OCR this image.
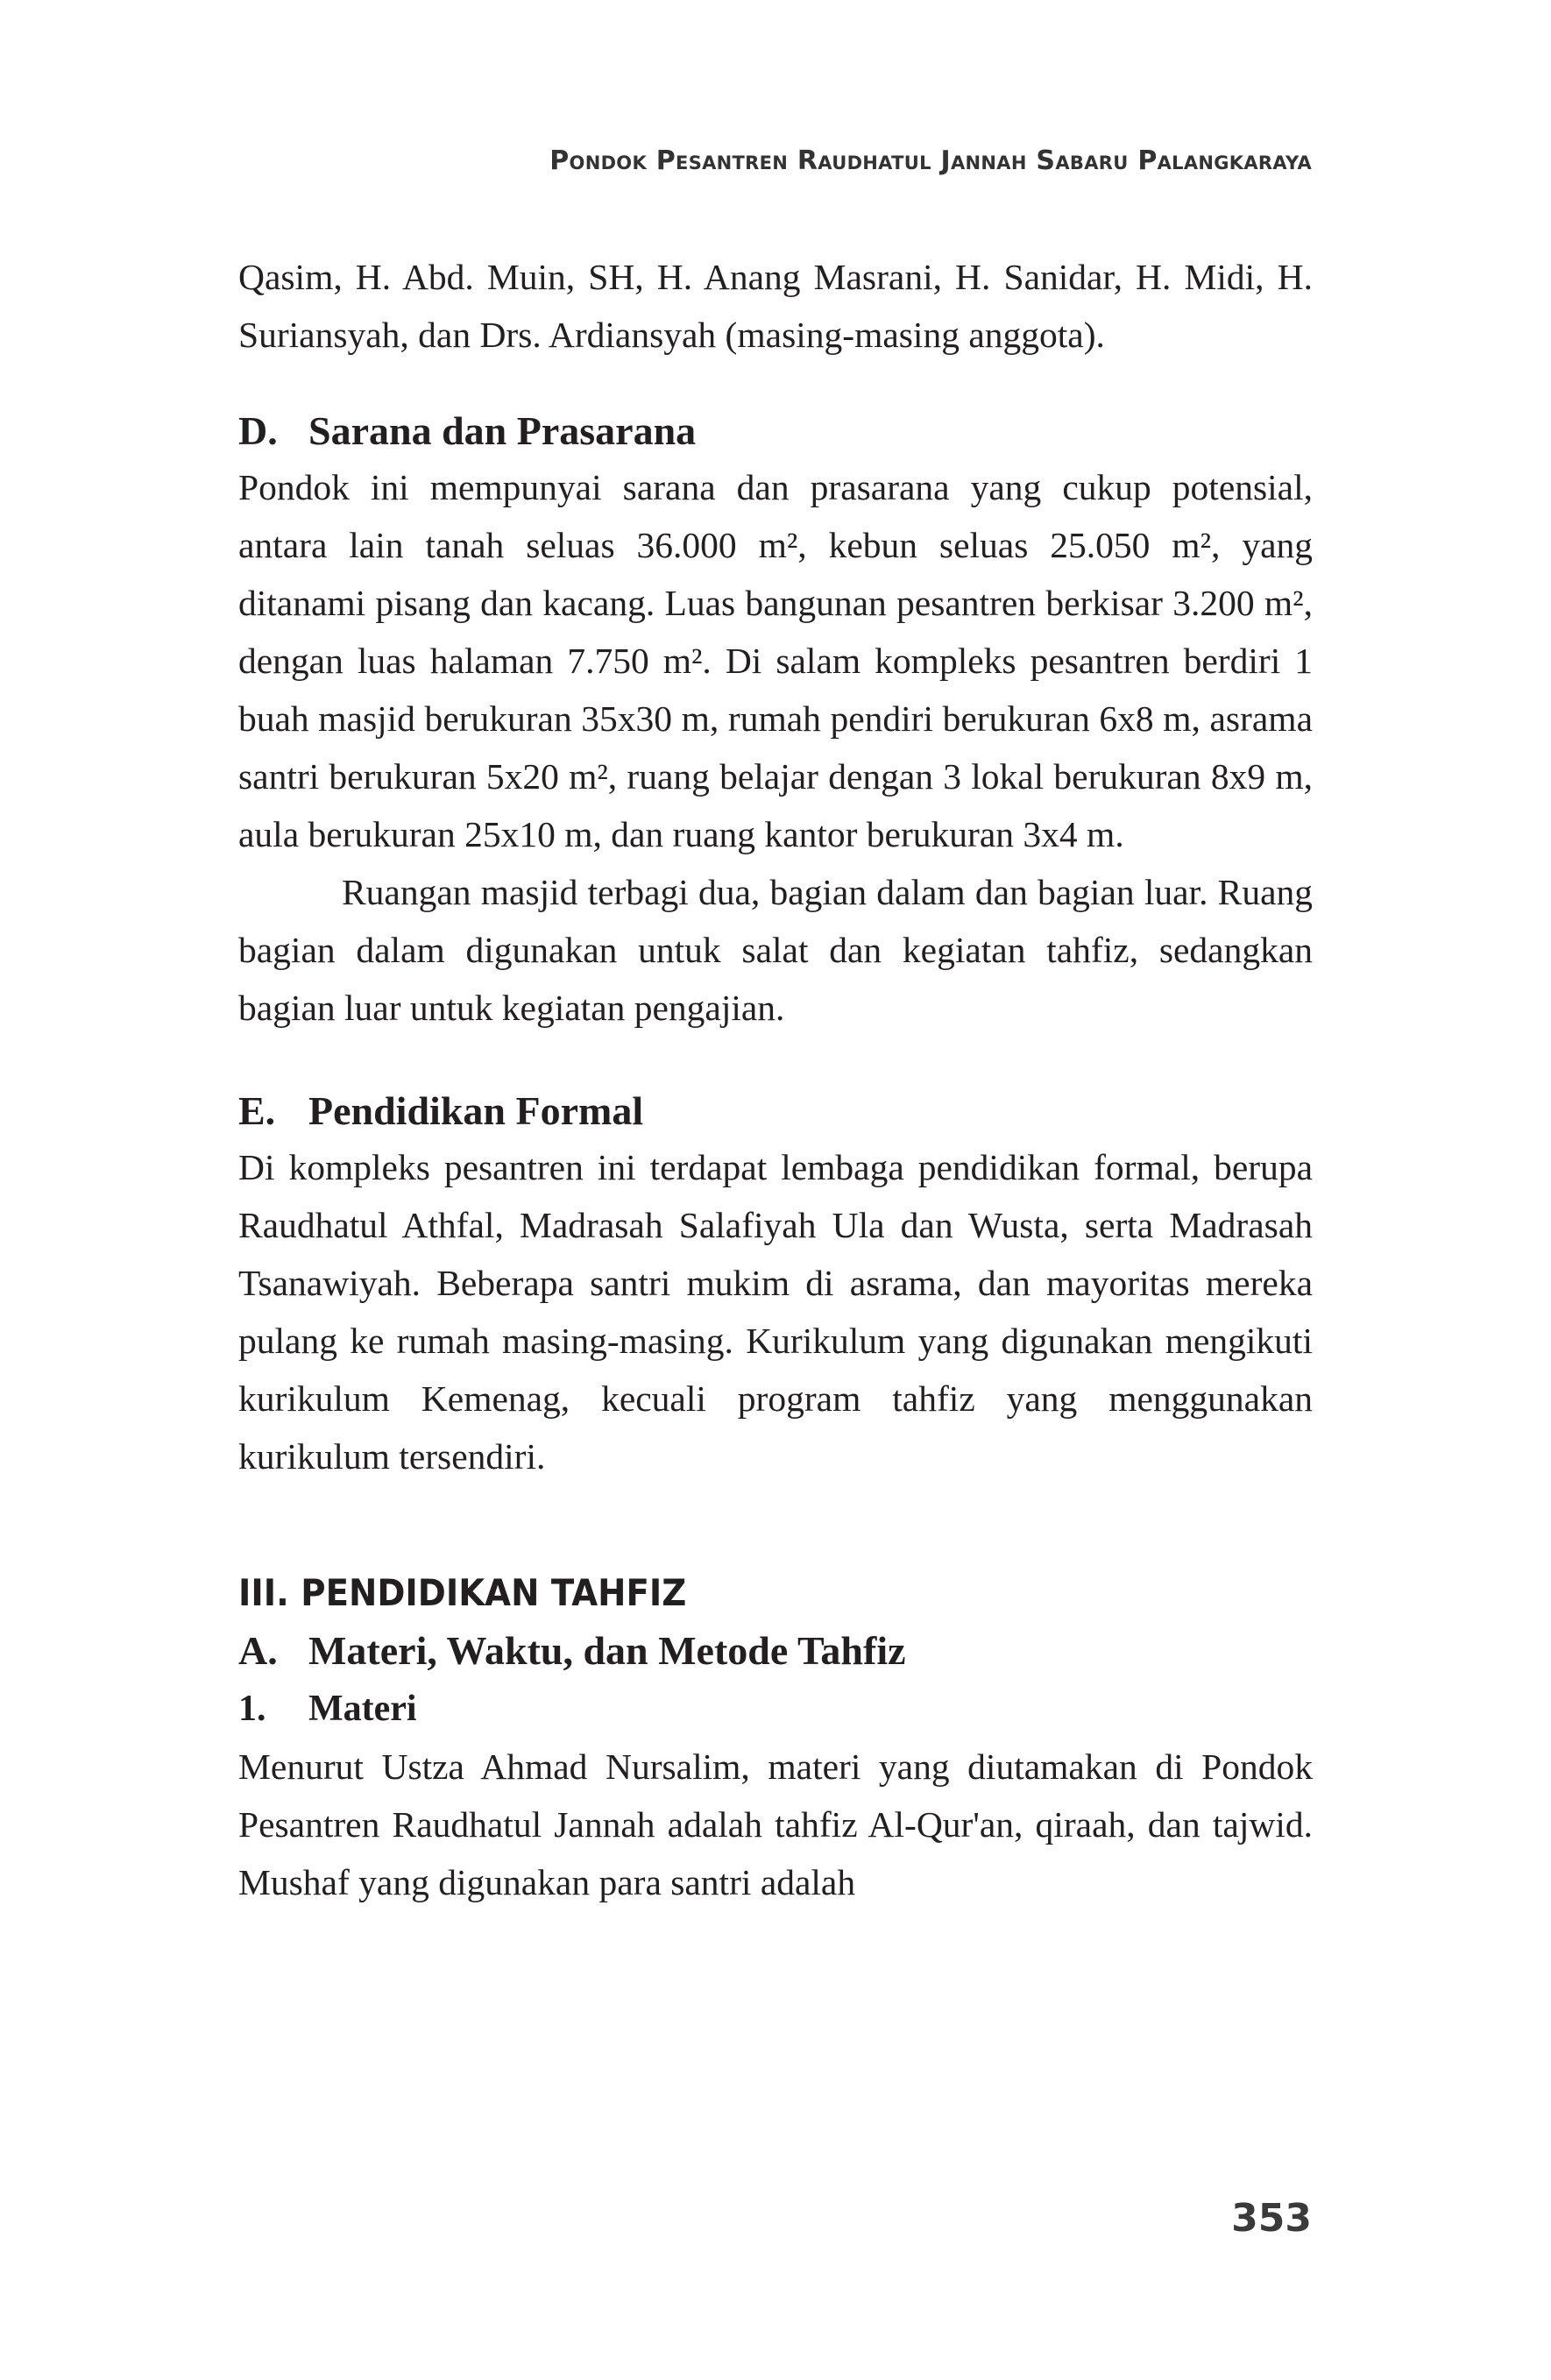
Pondok Pesantren Raudhatul Jannah Sabaru Palangkaraya

Qasim, H. Abd. Muin, SH, H. Anang Masrani, H. Sanidar, H. Midi, H. Suriansyah, dan Drs. Ardiansyah (masing-masing anggota).

D. Sarana dan Prasarana

Pondok ini mempunyai sarana dan prasarana yang cukup potensial, antara lain tanah seluas 36.000 m², kebun seluas 25.050 m², yang ditanami pisang dan kacang. Luas bangunan pesantren berkisar 3.200 m², dengan luas halaman 7.750 m². Di salam kompleks pesantren berdiri 1 buah masjid berukuran 35x30 m, rumah pendiri berukuran 6x8 m, asrama santri berukuran 5x20 m², ruang belajar dengan 3 lokal berukuran 8x9 m, aula berukuran 25x10 m, dan ruang kantor berukuran 3x4 m.

Ruangan masjid terbagi dua, bagian dalam dan bagian luar. Ruang bagian dalam digunakan untuk salat dan kegiatan tahfiz, sedangkan bagian luar untuk kegiatan pengajian.

E. Pendidikan Formal

Di kompleks pesantren ini terdapat lembaga pendidikan formal, berupa Raudhatul Athfal, Madrasah Salafiyah Ula dan Wusta, serta Madrasah Tsanawiyah. Beberapa santri mukim di asrama, dan mayoritas mereka pulang ke rumah masing-masing. Kurikulum yang digunakan mengikuti kurikulum Kemenag, kecuali program tahfiz yang menggunakan kurikulum tersendiri.

III. PENDIDIKAN TAHFIZ
A. Materi, Waktu, dan Metode Tahfiz
1. Materi

Menurut Ustza Ahmad Nursalim, materi yang diutamakan di Pondok Pesantren Raudhatul Jannah adalah tahfiz Al-Qur'an, qiraah, dan tajwid. Mushaf yang digunakan para santri adalah

353
